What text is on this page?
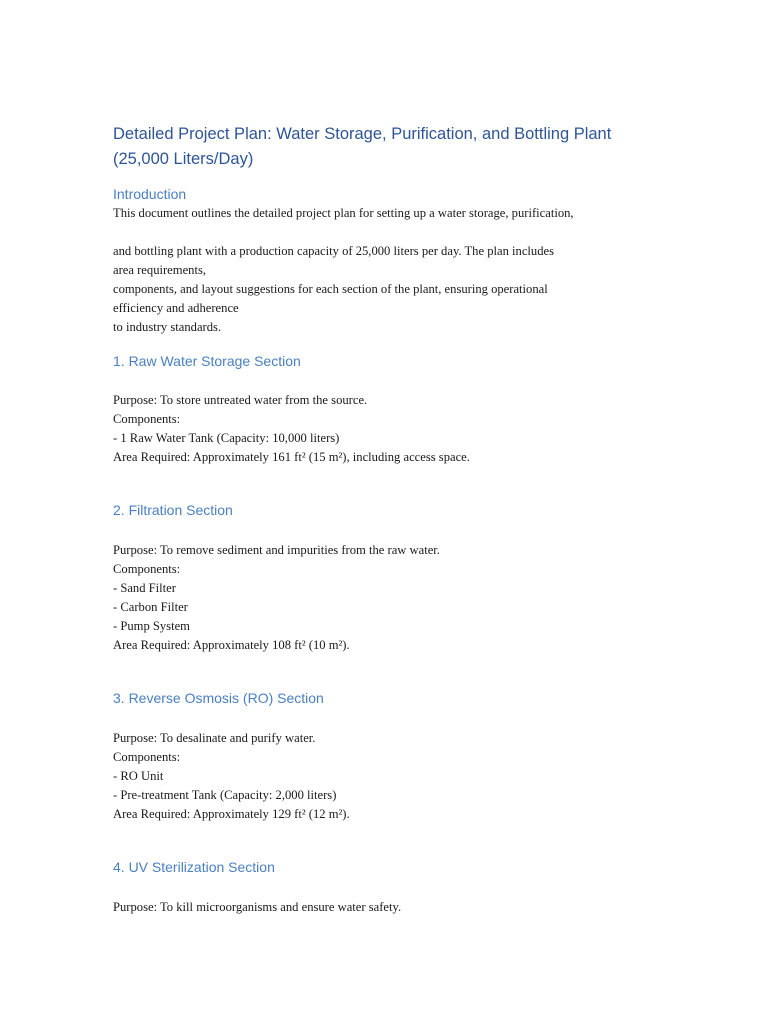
Detailed Project Plan: Water Storage, Purification, and Bottling Plant
(25,000 Liters/Day)
Introduction
This document outlines the detailed project plan for setting up a water storage, purification,
and bottling plant with a production capacity of 25,000 liters per day. The plan includes
area requirements,
components, and layout suggestions for each section of the plant, ensuring operational
efficiency and adherence
to industry standards.
1. Raw Water Storage Section
Purpose: To store untreated water from the source.
Components:
- 1 Raw Water Tank (Capacity: 10,000 liters)
Area Required: Approximately 161 ft² (15 m²), including access space.
2. Filtration Section
Purpose: To remove sediment and impurities from the raw water.
Components:
- Sand Filter
- Carbon Filter
- Pump System
Area Required: Approximately 108 ft² (10 m²).
3. Reverse Osmosis (RO) Section
Purpose: To desalinate and purify water.
Components:
- RO Unit
- Pre-treatment Tank (Capacity: 2,000 liters)
Area Required: Approximately 129 ft² (12 m²).
4. UV Sterilization Section
Purpose: To kill microorganisms and ensure water safety.
